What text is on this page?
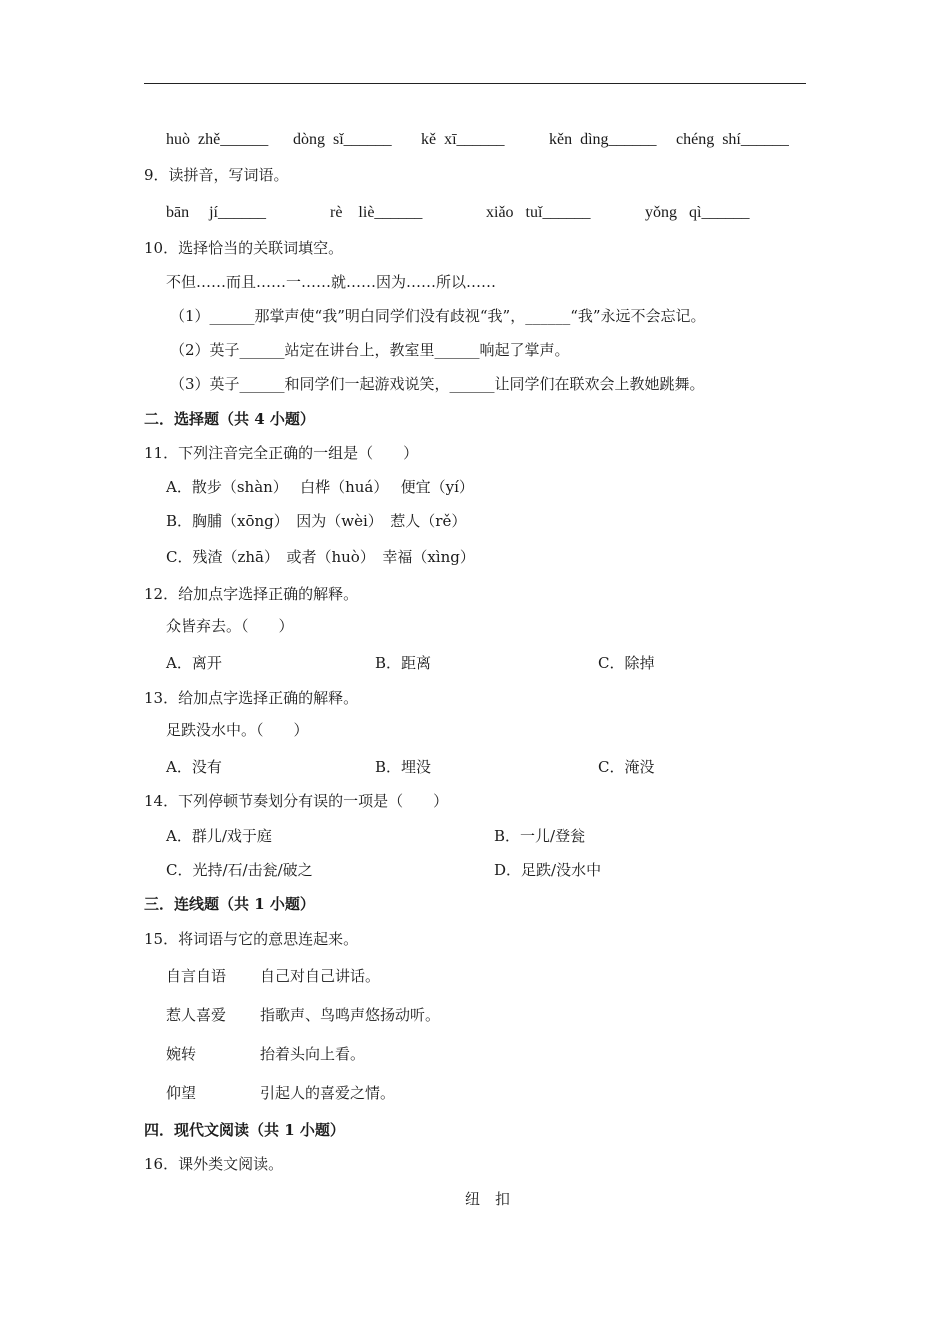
huò  zhě______ dòng  sǐ______ kě  xī______	kěn  dìng______ chéng  shí______
9．读拼音，写词语。
bān     jí______	rè    liè______	xiǎo   tuǐ______	yǒng   qì______
10．选择恰当的关联词填空。
不但……而且……一……就……因为……所以……
（1）______那掌声使“我”明白同学们没有歧视“我”，______“我”永远不会忘记。
（2）英子______站定在讲台上，教室里______响起了掌声。
（3）英子______和同学们一起游戏说笑，______让同学们在联欢会上教她跳舞。
二．选择题（共 4 小题）
11．下列注音完全正确的一组是（　　）
A．散步（shàn）　 白桦（huá）　 便宜（yí）
B．胸脯（xōng）　因为（wèi）　惹人（rě）
C．残渣（zhā）　或者（huò）　幸福（xìng）
12．给加点字选择正确的解释。
众皆弃去。（　　）
A．离开	B．距离	C．除掉
13．给加点字选择正确的解释。
足跌没水中。（　　）
A．没有	B．埋没	C．淹没
14．下列停顿节奏划分有误的一项是（　　）
A．群儿/戏于庭	B．一儿/登瓮
C．光持/石/击瓮/破之	D．足跌/没水中
三．连线题（共 1 小题）
15．将词语与它的意思连起来。
自言自语 自己对自己讲话。
惹人喜爱 指歌声、鸟鸣声悠扬动听。
婉转	抬着头向上看。
仰望	引起人的喜爱之情。
四．现代文阅读（共 1 小题）
16．课外类文阅读。
纽　扣
